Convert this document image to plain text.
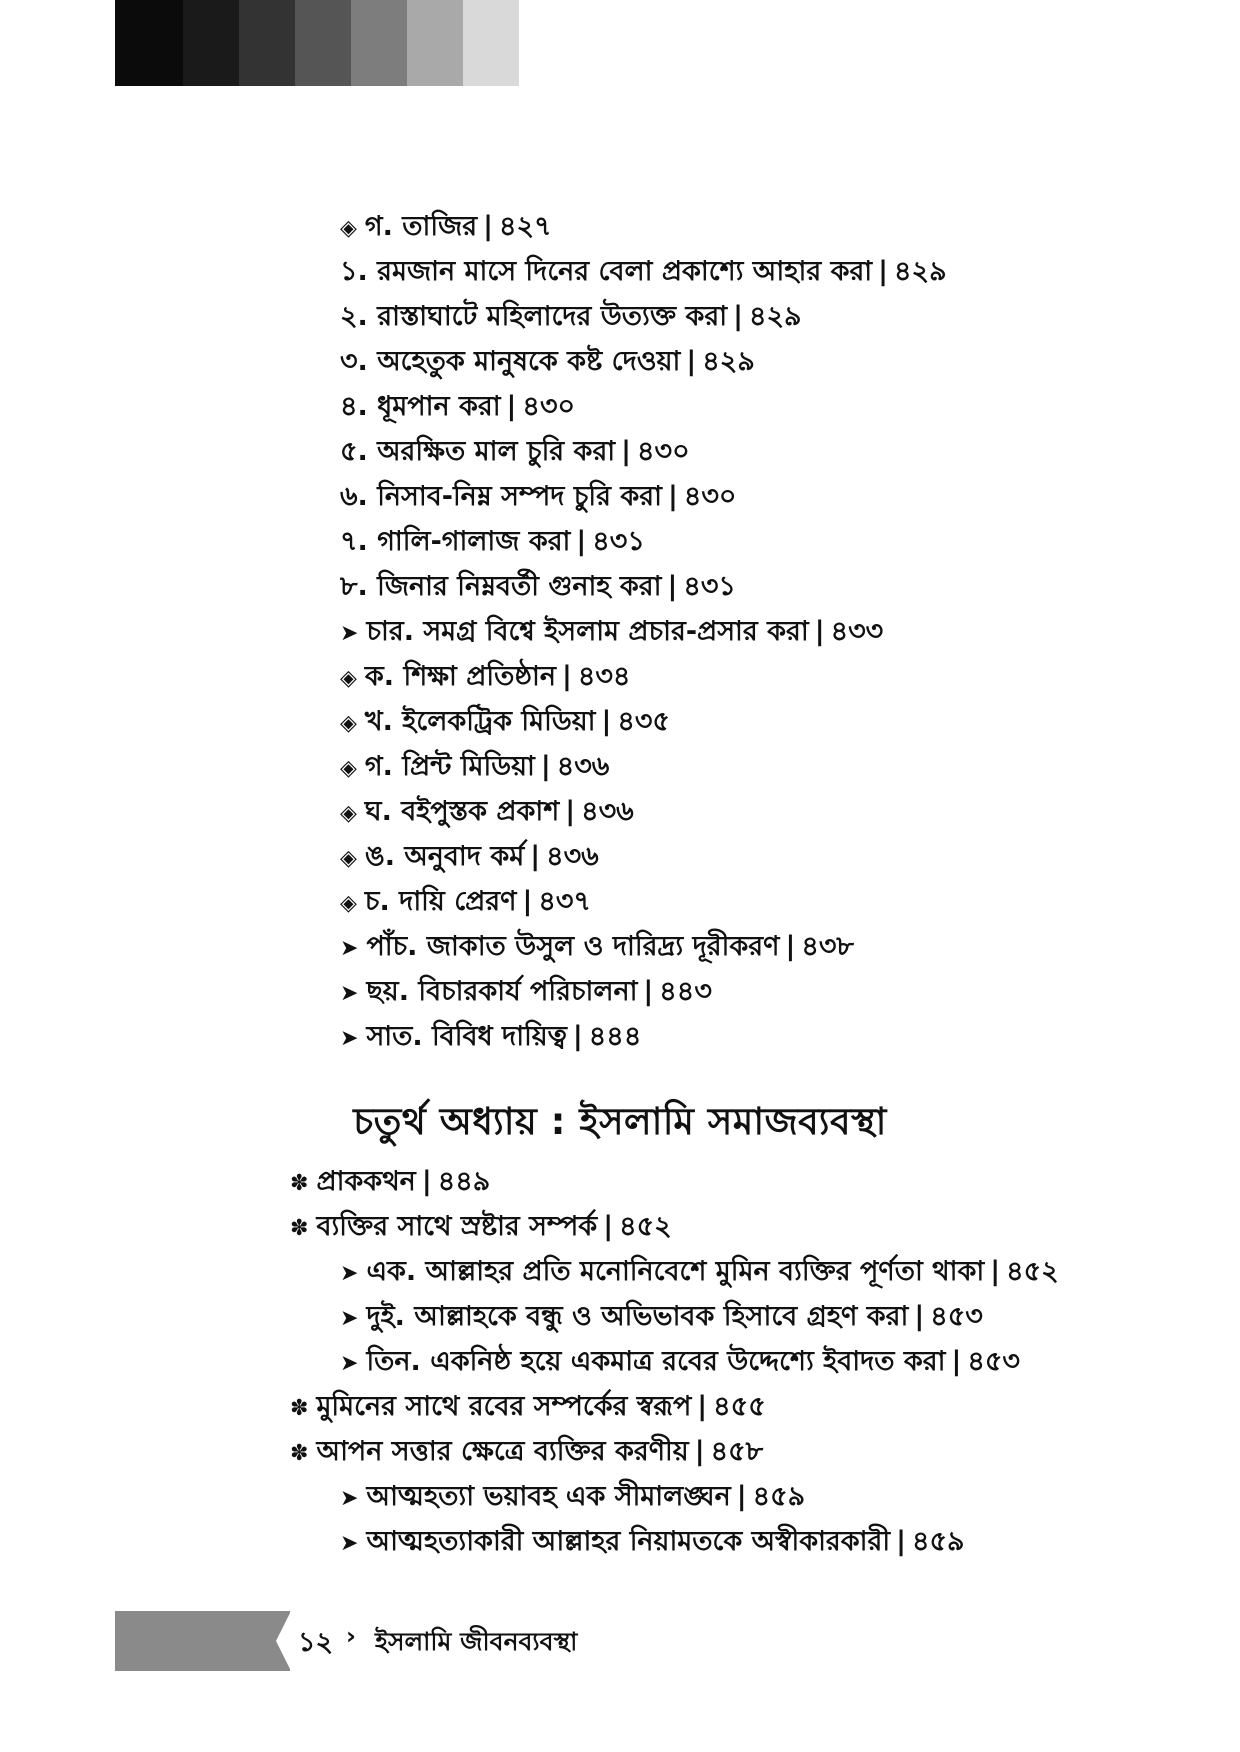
◈ গ. তাজির | ৪২৭
১. রমজান মাসে দিনের বেলা প্রকাশ্যে আহার করা | ৪২৯
২. রাস্তাঘাটে মহিলাদের উত্যক্ত করা | ৪২৯
৩. অহেতুক মানুষকে কষ্ট দেওয়া | ৪২৯
৪. ধূমপান করা | ৪৩০
৫. অরক্ষিত মাল চুরি করা | ৪৩০
৬. নিসাব-নিম্ন সম্পদ চুরি করা | ৪৩০
৭. গালি-গালাজ করা | ৪৩১
৮. জিনার নিম্নবর্তী গুনাহ করা | ৪৩১
➤ চার. সমগ্র বিশ্বে ইসলাম প্রচার-প্রসার করা | ৪৩৩
◈ ক. শিক্ষা প্রতিষ্ঠান | ৪৩৪
◈ খ. ইলেকট্রিক মিডিয়া | ৪৩৫
◈ গ. প্রিন্ট মিডিয়া | ৪৩৬
◈ ঘ. বইপুস্তক প্রকাশ | ৪৩৬
◈ ঙ. অনুবাদ কর্ম | ৪৩৬
◈ চ. দায়ি প্রেরণ | ৪৩৭
➤ পাঁচ. জাকাত উসুল ও দারিদ্র্য দূরীকরণ | ৪৩৮
➤ ছয়. বিচারকার্য পরিচালনা | ৪৪৩
➤ সাত. বিবিধ দায়িত্ব | ৪৪৪
চতুর্থ অধ্যায় : ইসলামি সমাজব্যবস্থা
✽ প্রাককথন | ৪৪৯
✽ ব্যক্তির সাথে স্রষ্টার সম্পর্ক | ৪৫২
➤ এক. আল্লাহর প্রতি মনোনিবেশে মুমিন ব্যক্তির পূর্ণতা থাকা | ৪৫২
➤ দুই. আল্লাহকে বন্ধু ও অভিভাবক হিসাবে গ্রহণ করা | ৪৫৩
➤ তিন. একনিষ্ঠ হয়ে একমাত্র রবের উদ্দেশ্যে ইবাদত করা | ৪৫৩
✽ মুমিনের সাথে রবের সম্পর্কের স্বরূপ | ৪৫৫
✽ আপন সত্তার ক্ষেত্রে ব্যক্তির করণীয় | ৪৫৮
➤ আত্মহত্যা ভয়াবহ এক সীমালঙ্ঘন | ৪৫৯
➤ আত্মহত্যাকারী আল্লাহর নিয়ামতকে অস্বীকারকারী | ৪৫৯
১২ › ইসলামি জীবনব্যবস্থা
